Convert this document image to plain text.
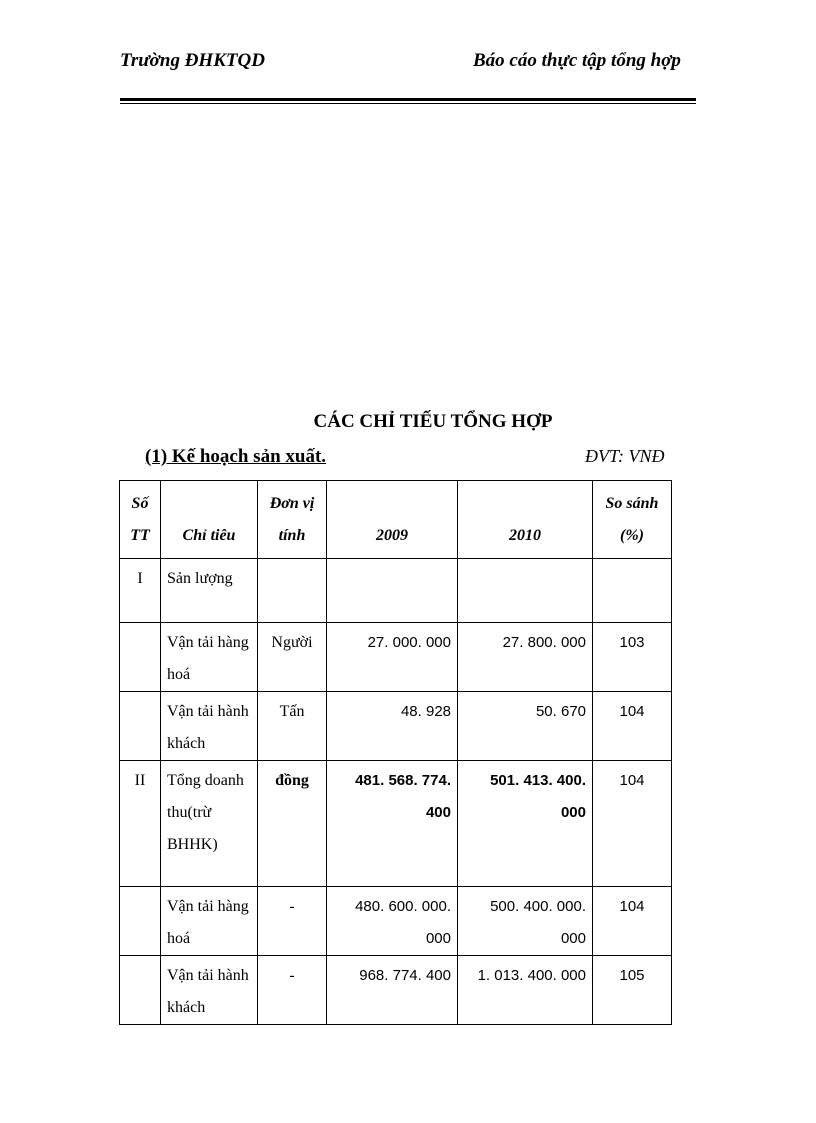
Trường ĐHKTQD	Báo cáo thực tập tổng hợp
CÁC CHỈ TIẾU TỔNG HỢP
(1) Kế hoạch sản xuất.	ĐVT: VNĐ
Số TT	Chỉ tiêu	Đơn vị tính	2009	2010	So sánh (%)
I	Sản lượng				
	Vận tải hàng hoá	Người	27. 000. 000	27. 800. 000	103
	Vận tải hành khách	Tấn	48. 928	50. 670	104
II	Tổng doanh thu(trừ BHHK)	đồng	481. 568. 774. 400	501. 413. 400. 000	104
	Vận tải hàng hoá	-	480. 600. 000. 000	500. 400. 000. 000	104
	Vận tải hành khách	-	968. 774. 400	1. 013. 400. 000	105
